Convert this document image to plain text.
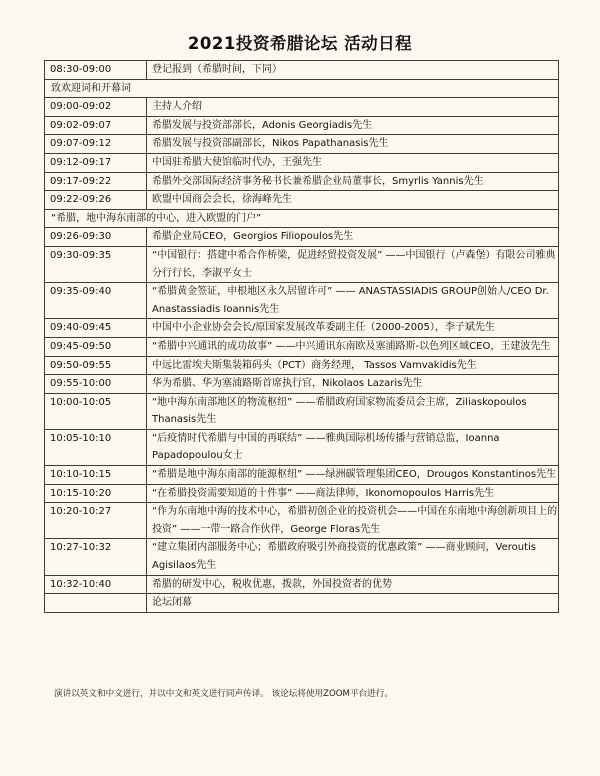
2021投资希腊论坛 活动日程
08:30-09:00	登记报到（希腊时间，下同）
致欢迎词和开幕词	
09:00-09:02	主持人介绍
09:02-09:07	希腊发展与投资部部长，Adonis Georgiadis先生
09:07-09:12	希腊发展与投资部副部长，Nikos Papathanasis先生
09:12-09:17	中国驻希腊大使馆临时代办，王强先生
09:17-09:22	希腊外交部国际经济事务秘书长兼希腊企业局董事长，Smyrlis Yannis先生
09:22-09:26	欧盟中国商会会长，徐海峰先生
“希腊，地中海东南部的中心，进入欧盟的门户”	
09:26-09:30	希腊企业局CEO，Georgios Filiopoulos先生
09:30-09:35	“中国银行：搭建中希合作桥梁，促进经贸投资发展” ——中国银行（卢森堡）有限公司雅典分行行长，李淑平女士
09:35-09:40	“希腊黄金签证，申根地区永久居留许可” —— ANASTASSIADIS GROUP创始人/CEO Dr. Anastassiadis Ioannis先生
09:40-09:45	中国中小企业协会会长/原国家发展改革委副主任（2000-2005），李子斌先生
09:45-09:50	“希腊中兴通讯的成功故事” ——中兴通讯东南欧及塞浦路斯-以色列区域CEO，王建波先生
09:50-09:55	中远比雷埃夫斯集装箱码头（PCT）商务经理， Tassos Vamvakidis先生
09:55-10:00	华为希腊、华为塞浦路斯首席执行官，Nikolaos Lazaris先生
10:00-10:05	“地中海东南部地区的物流枢纽” ——希腊政府国家物流委员会主席，Ziliaskopoulos Thanasis先生
10:05-10:10	“后疫情时代希腊与中国的再联结” ——雅典国际机场传播与营销总监，Ioanna Papadopoulou女士
10:10-10:15	“希腊是地中海东南部的能源枢纽” ——绿洲碳管理集团CEO，Drougos Konstantinos先生
10:15-10:20	“在希腊投资需要知道的十件事” ——商法律师，Ikonomopoulos Harris先生
10:20-10:27	“作为东南地中海的技术中心，希腊初创企业的投资机会——中国在东南地中海创新项目上的投资” ——一带一路合作伙伴，George Floras先生
10:27-10:32	“建立集团内部服务中心；希腊政府吸引外商投资的优惠政策” ——商业顾问，Veroutis Agisilaos先生
10:32-10:40	希腊的研发中心，税收优惠，拨款，外国投资者的优势
	论坛闭幕
演讲以英文和中文进行，并以中文和英文进行同声传译。 该论坛将使用ZOOM平台进行。
